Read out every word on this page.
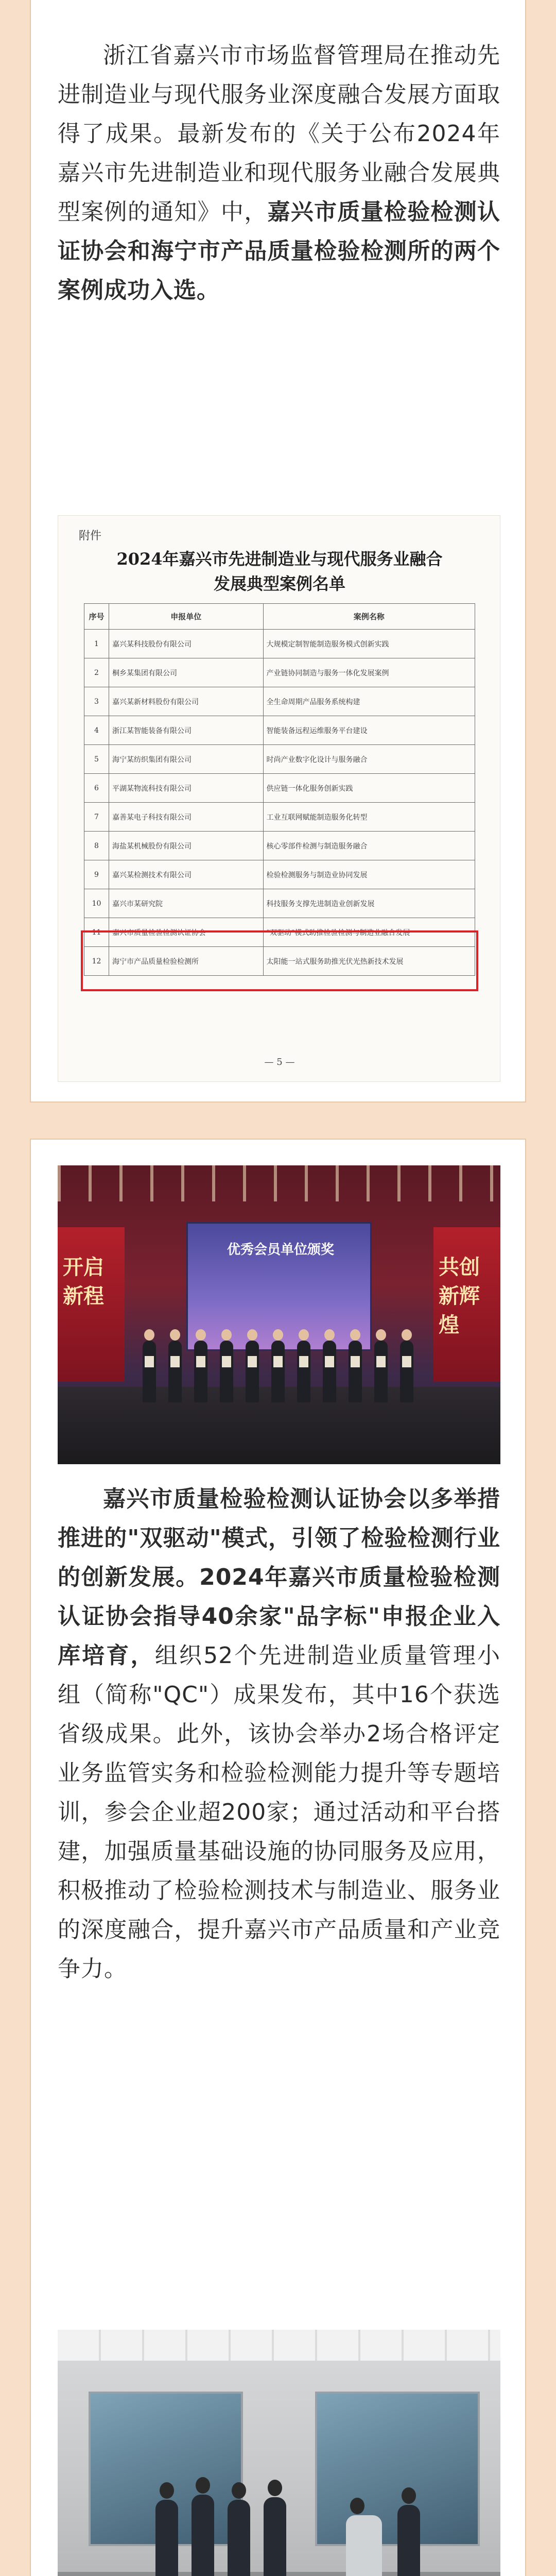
浙江省嘉兴市市场监督管理局在推动先进制造业与现代服务业深度融合发展方面取得了成果。最新发布的《关于公布2024年嘉兴市先进制造业和现代服务业融合发展典型案例的通知》中，嘉兴市质量检验检测认证协会和海宁市产品质量检验检测所的两个案例成功入选。

附件
2024年嘉兴市先进制造业与现代服务业融合
发展典型案例名单
序号	申报单位	案例名称
1	嘉兴某科技股份有限公司	大规模定制智能制造服务模式创新实践
2	桐乡某集团有限公司	产业链协同制造与服务一体化发展案例
3	嘉兴某新材料股份有限公司	全生命周期产品服务系统构建
4	浙江某智能装备有限公司	智能装备远程运维服务平台建设
5	海宁某纺织集团有限公司	时尚产业数字化设计与服务融合
6	平湖某物流科技有限公司	供应链一体化服务创新实践
7	嘉善某电子科技有限公司	工业互联网赋能制造服务化转型
8	海盐某机械股份有限公司	核心零部件检测与制造服务融合
9	嘉兴某检测技术有限公司	检验检测服务与制造业协同发展
10	嘉兴市某研究院	科技服务支撑先进制造业创新发展
11	嘉兴市质量检验检测认证协会	"双驱动"模式助推检验检测与制造业融合发展
12	海宁市产品质量检验检测所	太阳能一站式服务助推光伏光热新技术发展
— 5 —
开启新程
共创新辉煌
优秀会员单位颁奖

嘉兴市质量检验检测认证协会以多举措推进的"双驱动"模式，引领了检验检测行业的创新发展。2024年嘉兴市质量检验检测认证协会指导40余家"品字标"申报企业入库培育，组织52个先进制造业质量管理小组（简称"QC"）成果发布，其中16个获选省级成果。此外，该协会举办2场合格评定业务监管实务和检验检测能力提升等专题培训，参会企业超200家；通过活动和平台搭建，加强质量基础设施的协同服务及应用，积极推动了检验检测技术与制造业、服务业的深度融合，提升嘉兴市产品质量和产业竞争力。
